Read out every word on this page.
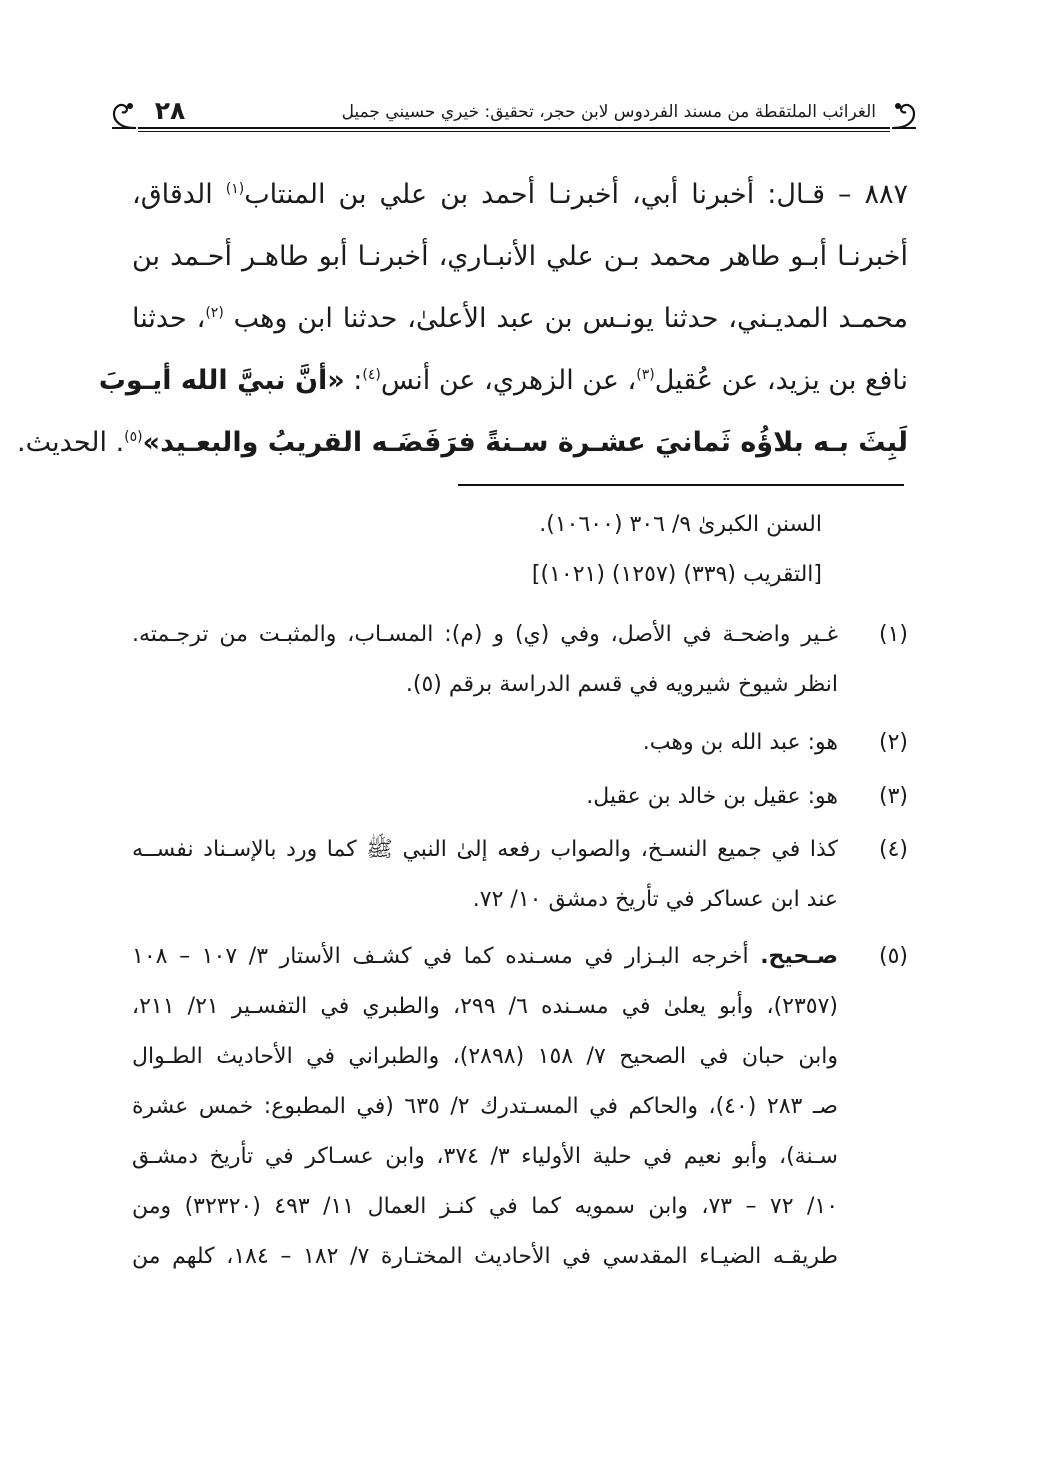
الغرائب الملتقطة من مسند الفردوس لابن حجر، تحقيق: خيري حسيني جميل
٢٨
٨٨٧ – قـال: أخبرنا أبي، أخبرنـا أحمد بن علي بن المنتاب$^{(١)}$ الدقاق،
أخبرنـا أبـو طاهر محمد بـن علي الأنبـاري، أخبرنـا أبو طاهـر أحـمد بن
محمـد المديـني، حدثنا يونـس بن عبد الأعلىٰ، حدثنا ابن وهب $^{(٢)}$، حدثنا
نافع بن يزيد، عن عُقيل$^{(٣)}$، عن الزهري، عن أنس$^{(٤)}$: «أنَّ نبيَّ الله أيـوبَ
لَبِثَ بـه بلاؤُه ثَمانيَ عشـرة سـنةً فرَفَضَـه القريبُ والبعـيد»$^{(٥)}$. الحديث.
السنن الكبرىٰ ٩/ ٣٠٦ (١٠٦٠٠).
[التقريب (٣٣٩) (١٢٥٧) (١٠٢١)]
(١)
غـير واضحـة في الأصل، وفي (ي) و (م): المسـاب، والمثبـت من ترجـمته.
انظر شيوخ شيرويه في قسم الدراسة برقم (٥).
(٢)
هو: عبد الله بن وهب.
(٣)
هو: عقيل بن خالد بن عقيل.
(٤)
كذا في جميع النسـخ، والصواب رفعه إلىٰ النبي ﷺ كما ورد بالإسـناد نفســه
عند ابن عساكر في تأريخ دمشق ١٠/ ٧٢.
(٥)
صـحيح. أخرجه البـزار في مسـنده كما في كشـف الأستار ٣/ ١٠٧ – ١٠٨
(٢٣٥٧)، وأبو يعلىٰ في مسـنده ٦/ ٢٩٩، والطبري في التفسـير ٢١/ ٢١١،
وابن حبان في الصحيح ٧/ ١٥٨ (٢٨٩٨)، والطبراني في الأحاديث الطـوال
صـ ٢٨٣ (٤٠)، والحاكم في المسـتدرك ٢/ ٦٣٥ (في المطبوع: خمس عشرة
سـنة)، وأبو نعيم في حلية الأولياء ٣/ ٣٧٤، وابن عسـاكر في تأريخ دمشـق
١٠/ ٧٢ – ٧٣، وابن سمويه كما في كنـز العمال ١١/ ٤٩٣ (٣٢٣٢٠) ومن
طريقـه الضيـاء المقدسي في الأحاديث المختـارة ٧/ ١٨٢ – ١٨٤، كلهم من
